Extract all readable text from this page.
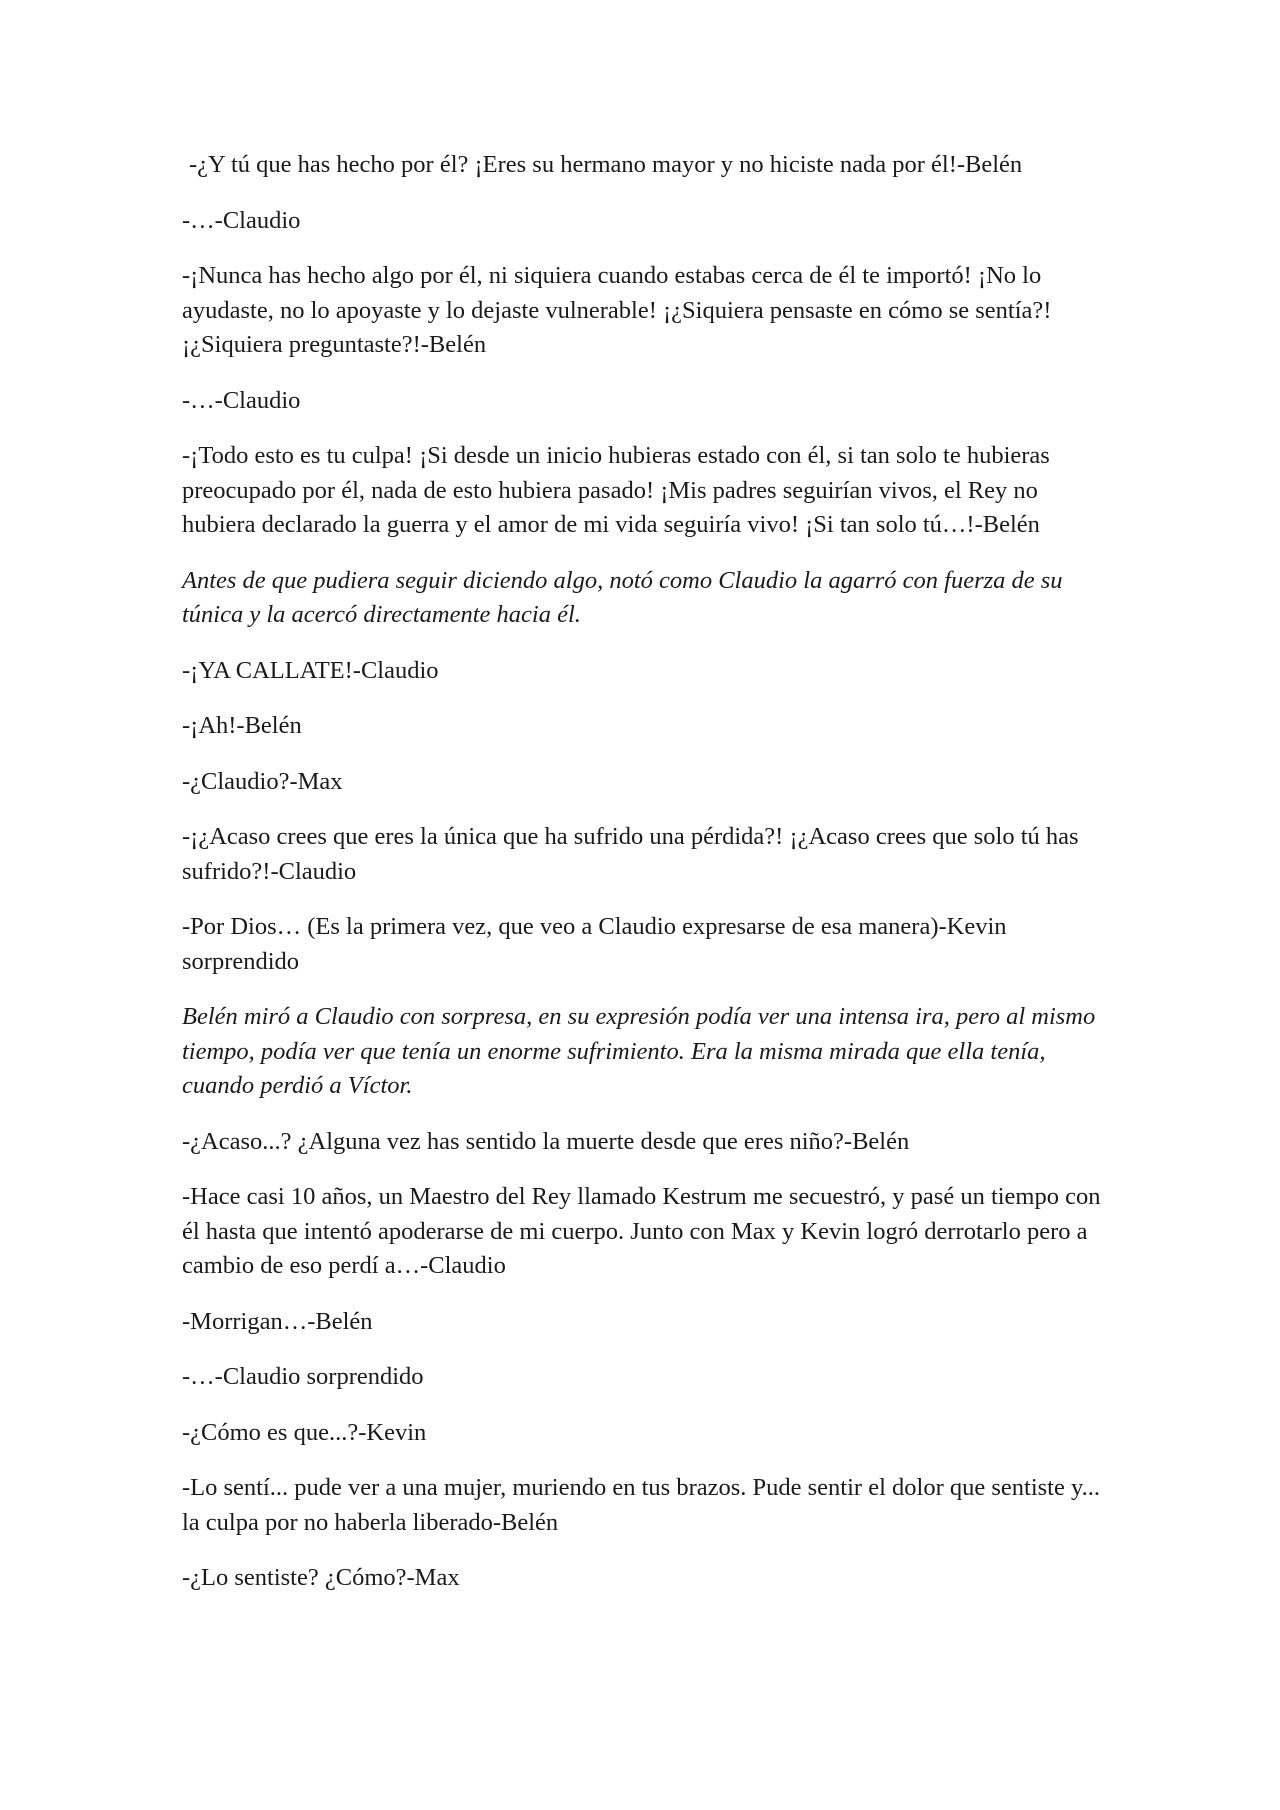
-¿Y tú que has hecho por él? ¡Eres su hermano mayor y no hiciste nada por él!-Belén

-…-Claudio

-¡Nunca has hecho algo por él, ni siquiera cuando estabas cerca de él te importó! ¡No lo ayudaste, no lo apoyaste y lo dejaste vulnerable! ¡¿Siquiera pensaste en cómo se sentía?! ¡¿Siquiera preguntaste?!-Belén

-…-Claudio

-¡Todo esto es tu culpa! ¡Si desde un inicio hubieras estado con él, si tan solo te hubieras preocupado por él, nada de esto hubiera pasado! ¡Mis padres seguirían vivos, el Rey no hubiera declarado la guerra y el amor de mi vida seguiría vivo! ¡Si tan solo tú…!-Belén

Antes de que pudiera seguir diciendo algo, notó como Claudio la agarró con fuerza de su túnica y la acercó directamente hacia él.

-¡YA CALLATE!-Claudio

-¡Ah!-Belén

-¿Claudio?-Max

-¡¿Acaso crees que eres la única que ha sufrido una pérdida?! ¡¿Acaso crees que solo tú has sufrido?!-Claudio

-Por Dios… (Es la primera vez, que veo a Claudio expresarse de esa manera)-Kevin sorprendido

Belén miró a Claudio con sorpresa, en su expresión podía ver una intensa ira, pero al mismo tiempo, podía ver que tenía un enorme sufrimiento. Era la misma mirada que ella tenía, cuando perdió a Víctor.

-¿Acaso...? ¿Alguna vez has sentido la muerte desde que eres niño?-Belén

-Hace casi 10 años, un Maestro del Rey llamado Kestrum me secuestró, y pasé un tiempo con él hasta que intentó apoderarse de mi cuerpo. Junto con Max y Kevin logró derrotarlo pero a cambio de eso perdí a…-Claudio

-Morrigan…-Belén

-…-Claudio sorprendido

-¿Cómo es que...?-Kevin

-Lo sentí... pude ver a una mujer, muriendo en tus brazos. Pude sentir el dolor que sentiste y... la culpa por no haberla liberado-Belén

-¿Lo sentiste? ¿Cómo?-Max
